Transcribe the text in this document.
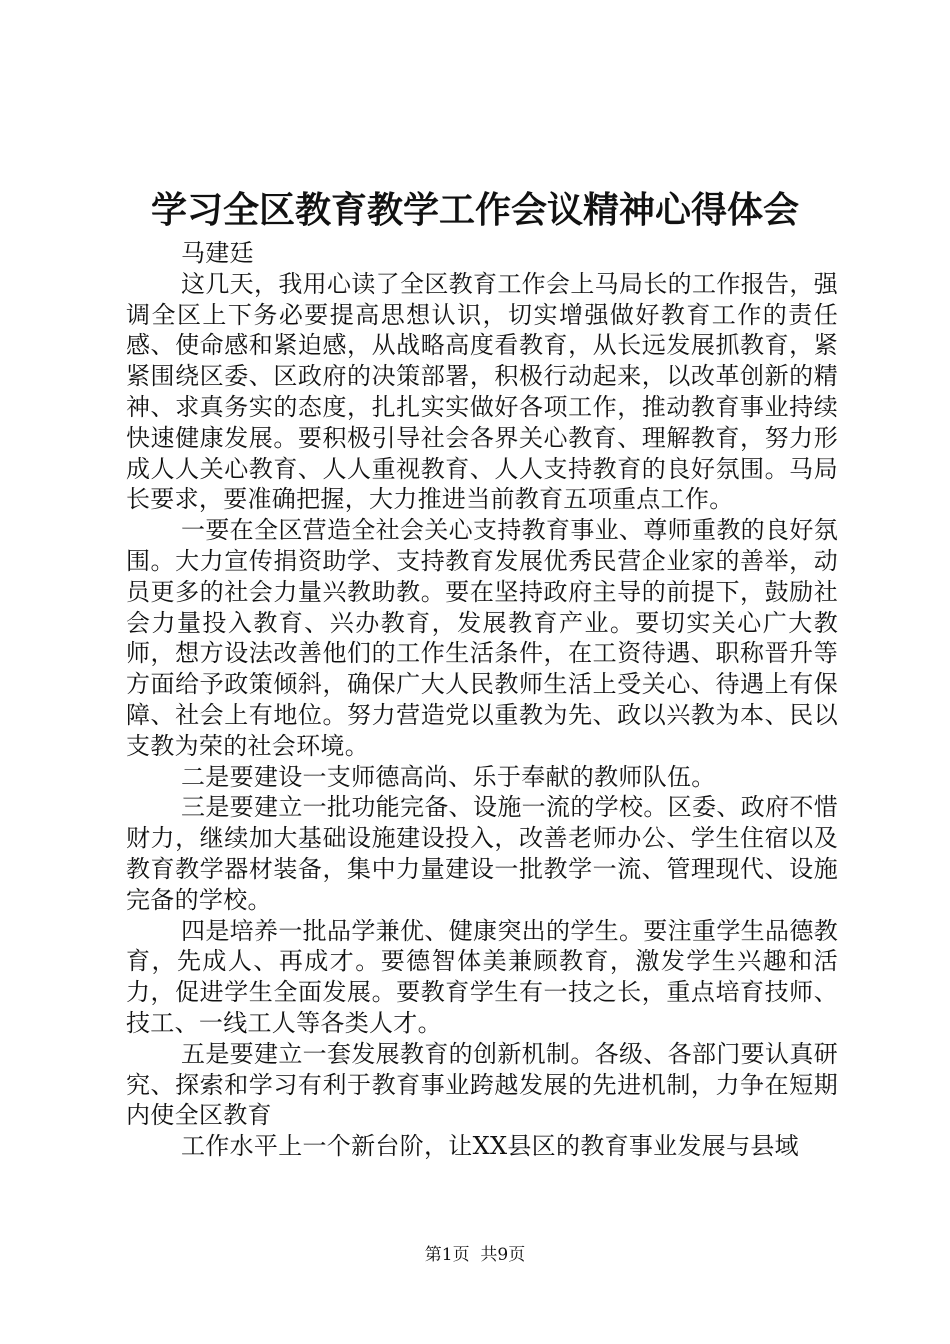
学习全区教育教学工作会议精神心得体会

马建廷

这几天，我用心读了全区教育工作会上马局长的工作报告，强调全区上下务必要提高思想认识，切实增强做好教育工作的责任感、使命感和紧迫感，从战略高度看教育，从长远发展抓教育，紧紧围绕区委、区政府的决策部署，积极行动起来，以改革创新的精神、求真务实的态度，扎扎实实做好各项工作，推动教育事业持续快速健康发展。要积极引导社会各界关心教育、理解教育，努力形成人人关心教育、人人重视教育、人人支持教育的良好氛围。马局长要求，要准确把握，大力推进当前教育五项重点工作。

一要在全区营造全社会关心支持教育事业、尊师重教的良好氛围。大力宣传捐资助学、支持教育发展优秀民营企业家的善举，动员更多的社会力量兴教助教。要在坚持政府主导的前提下，鼓励社会力量投入教育、兴办教育，发展教育产业。要切实关心广大教师，想方设法改善他们的工作生活条件，在工资待遇、职称晋升等方面给予政策倾斜，确保广大人民教师生活上受关心、待遇上有保障、社会上有地位。努力营造党以重教为先、政以兴教为本、民以支教为荣的社会环境。

二是要建设一支师德高尚、乐于奉献的教师队伍。

三是要建立一批功能完备、设施一流的学校。区委、政府不惜财力，继续加大基础设施建设投入，改善老师办公、学生住宿以及教育教学器材装备，集中力量建设一批教学一流、管理现代、设施完备的学校。

四是培养一批品学兼优、健康突出的学生。要注重学生品德教育，先成人、再成才。要德智体美兼顾教育，激发学生兴趣和活力，促进学生全面发展。要教育学生有一技之长，重点培育技师、技工、一线工人等各类人才。

五是要建立一套发展教育的创新机制。各级、各部门要认真研究、探索和学习有利于教育事业跨越发展的先进机制，力争在短期内使全区教育

工作水平上一个新台阶，让XX县区的教育事业发展与县域

第1页  共9页
